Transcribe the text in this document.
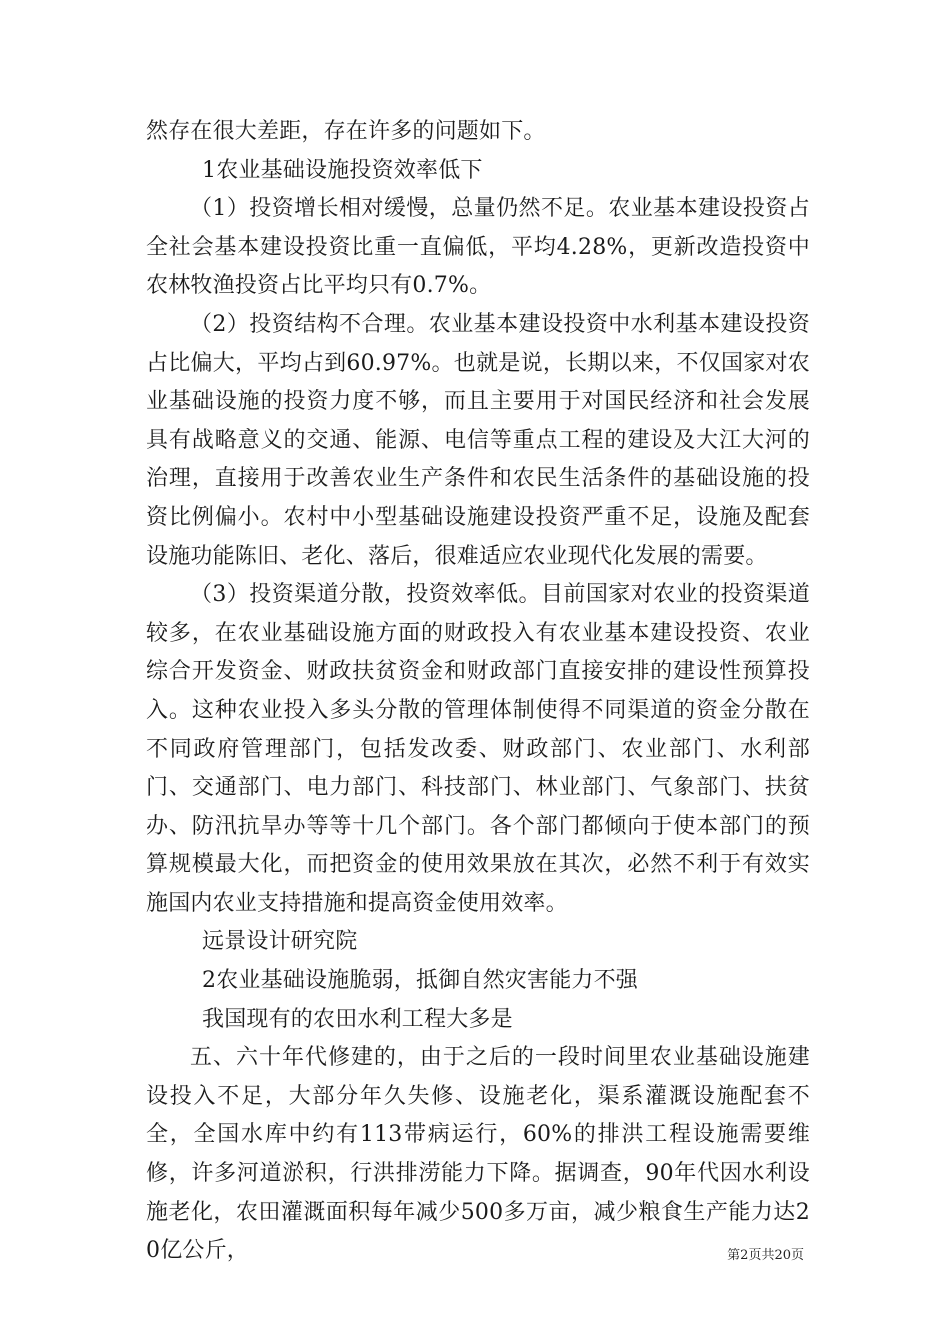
然存在很大差距，存在许多的问题如下。

1农业基础设施投资效率低下

（1）投资增长相对缓慢，总量仍然不足。农业基本建设投资占全社会基本建设投资比重一直偏低，平均4.28%，更新改造投资中农林牧渔投资占比平均只有0.7%。

（2）投资结构不合理。农业基本建设投资中水利基本建设投资占比偏大，平均占到60.97%。也就是说，长期以来，不仅国家对农业基础设施的投资力度不够，而且主要用于对国民经济和社会发展具有战略意义的交通、能源、电信等重点工程的建设及大江大河的治理，直接用于改善农业生产条件和农民生活条件的基础设施的投资比例偏小。农村中小型基础设施建设投资严重不足，设施及配套设施功能陈旧、老化、落后，很难适应农业现代化发展的需要。

（3）投资渠道分散，投资效率低。目前国家对农业的投资渠道较多，在农业基础设施方面的财政投入有农业基本建设投资、农业综合开发资金、财政扶贫资金和财政部门直接安排的建设性预算投入。这种农业投入多头分散的管理体制使得不同渠道的资金分散在不同政府管理部门，包括发改委、财政部门、农业部门、水利部门、交通部门、电力部门、科技部门、林业部门、气象部门、扶贫办、防汛抗旱办等等十几个部门。各个部门都倾向于使本部门的预算规模最大化，而把资金的使用效果放在其次，必然不利于有效实施国内农业支持措施和提高资金使用效率。

远景设计研究院

2农业基础设施脆弱，抵御自然灾害能力不强

我国现有的农田水利工程大多是

五、六十年代修建的，由于之后的一段时间里农业基础设施建设投入不足，大部分年久失修、设施老化，渠系灌溉设施配套不全，全国水库中约有113带病运行，60%的排洪工程设施需要维修，许多河道淤积，行洪排涝能力下降。据调查，90年代因水利设施老化，农田灌溉面积每年减少500多万亩，减少粮食生产能力达20亿公斤，	第2页共20页
